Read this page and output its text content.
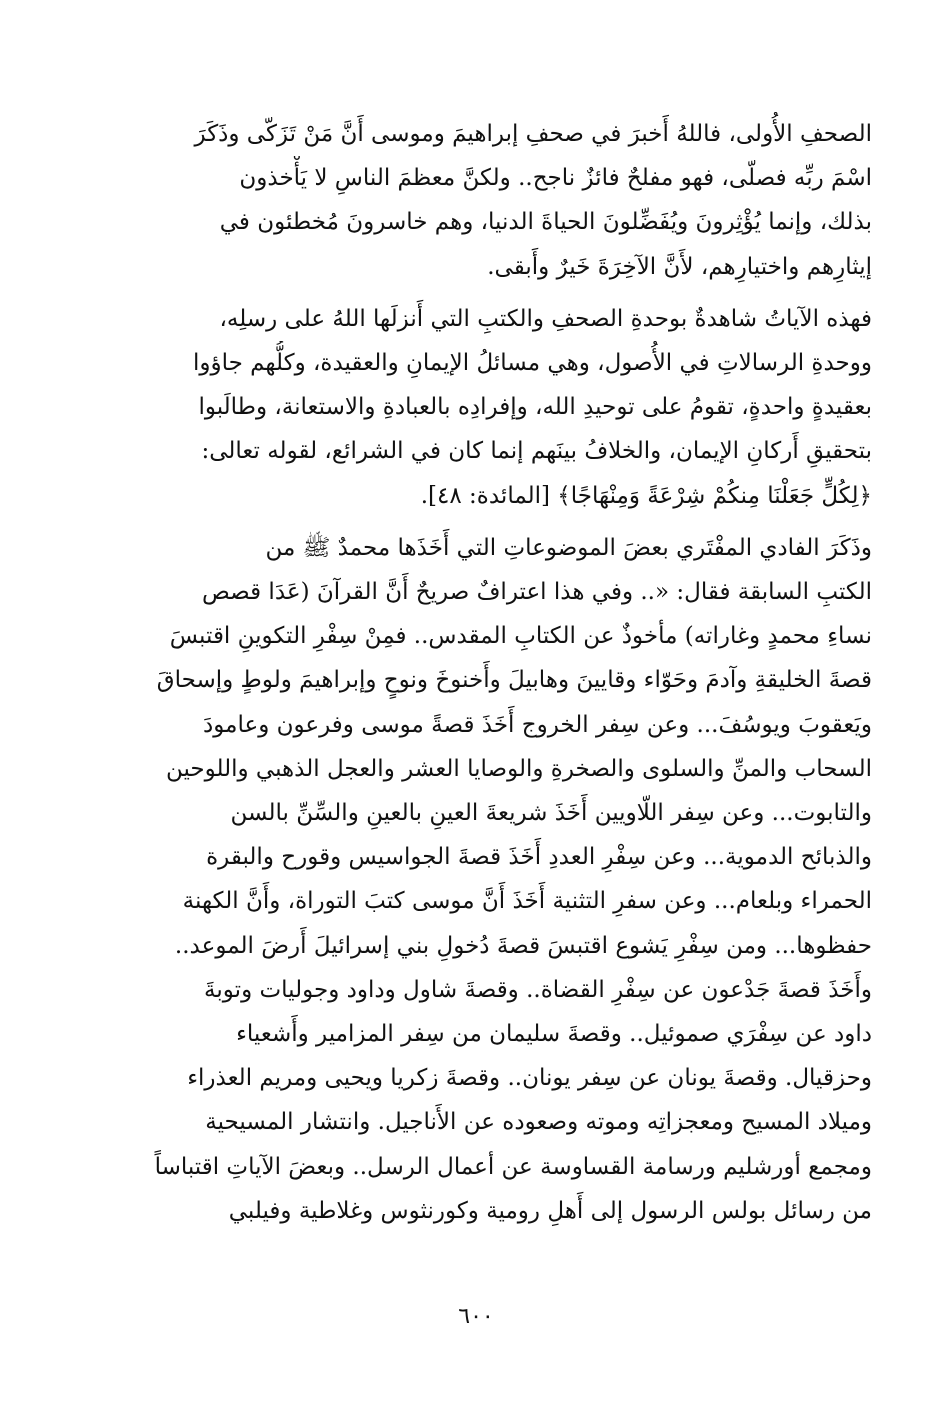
الصحفِ الأُولى، فاللهُ أَخبرَ في صحفِ إبراهيمَ وموسى أَنَّ مَنْ تَزَكّى وذَكَرَ
اسْمَ ربِّه فصلّى، فهو مفلحٌ فائزٌ ناجح.. ولكنَّ معظمَ الناسِ لا يَأْخذون
بذلك، وإنما يُؤْثِرونَ ويُفَضِّلونَ الحياةَ الدنيا، وهم خاسرونَ مُخطئون في
إيثارِهم واختيارِهم، لأَنَّ الآخِرَةَ خَيرٌ وأَبقى.

فهذه الآياتُ شاهدةٌ بوحدةِ الصحفِ والكتبِ التي أَنزلَها اللهُ على رسلِه،
ووحدةِ الرسالاتِ في الأُصول، وهي مسائلُ الإيمانِ والعقيدة، وكلُّهم جاؤوا
بعقيدةٍ واحدةٍ، تقومُ على توحيدِ الله، وإفرادِه بالعبادةِ والاستعانة، وطالَبوا
بتحقيقِ أَركانِ الإيمان، والخلافُ بينَهم إنما كان في الشرائع، لقوله تعالى:
﴿لِكُلٍّ جَعَلْنَا مِنكُمْ شِرْعَةً وَمِنْهَاجًا﴾ [المائدة: ٤٨].

وذَكَرَ الفادي المفْتَري بعضَ الموضوعاتِ التي أَخَذَها محمدٌ ﷺ من
الكتبِ السابقة فقال: «.. وفي هذا اعترافٌ صريحٌ أَنَّ القرآنَ (عَدَا قصص
نساءِ محمدٍ وغاراته) مأخوذٌ عن الكتابِ المقدس.. فمِنْ سِفْرِ التكوينِ اقتبسَ
قصةَ الخليقةِ وآدمَ وحَوّاء وقايينَ وهابيلَ وأَخنوخَ ونوحٍ وإبراهيمَ ولوطٍ وإسحاقَ
ويَعقوبَ ويوسُفَ... وعن سِفر الخروج أَخَذَ قصةً موسى وفرعون وعامودَ
السحاب والمنِّ والسلوى والصخرةِ والوصايا العشر والعجل الذهبي واللوحين
والتابوت... وعن سِفر اللّاويين أَخَذَ شريعةَ العينِ بالعينِ والسِّنِّ بالسن
والذبائح الدموية... وعن سِفْرِ العددِ أَخَذَ قصةَ الجواسيس وقورح والبقرة
الحمراء وبلعام... وعن سفرِ التثنية أَخَذَ أَنَّ موسى كتبَ التوراة، وأَنَّ الكهنة
حفظوها... ومن سِفْرِ يَشوع اقتبسَ قصةَ دُخولِ بني إسرائيلَ أَرضَ الموعد..
وأَخَذَ قصةَ جَدْعون عن سِفْرِ القضاة.. وقصةَ شاول وداود وجوليات وتوبةَ
داود عن سِفْرَي صموئيل.. وقصةَ سليمان من سِفر المزامير وأَشعياء
وحزقيال. وقصةَ يونان عن سِفر يونان.. وقصةَ زكريا ويحيى ومريم العذراء
وميلاد المسيح ومعجزاتِه وموته وصعوده عن الأَناجيل. وانتشار المسيحية
ومجمع أورشليم ورسامة القساوسة عن أعمال الرسل.. وبعضَ الآياتِ اقتباساً
من رسائل بولس الرسول إلى أَهلِ رومية وكورنثوس وغلاطية وفيلبي

٦٠٠
